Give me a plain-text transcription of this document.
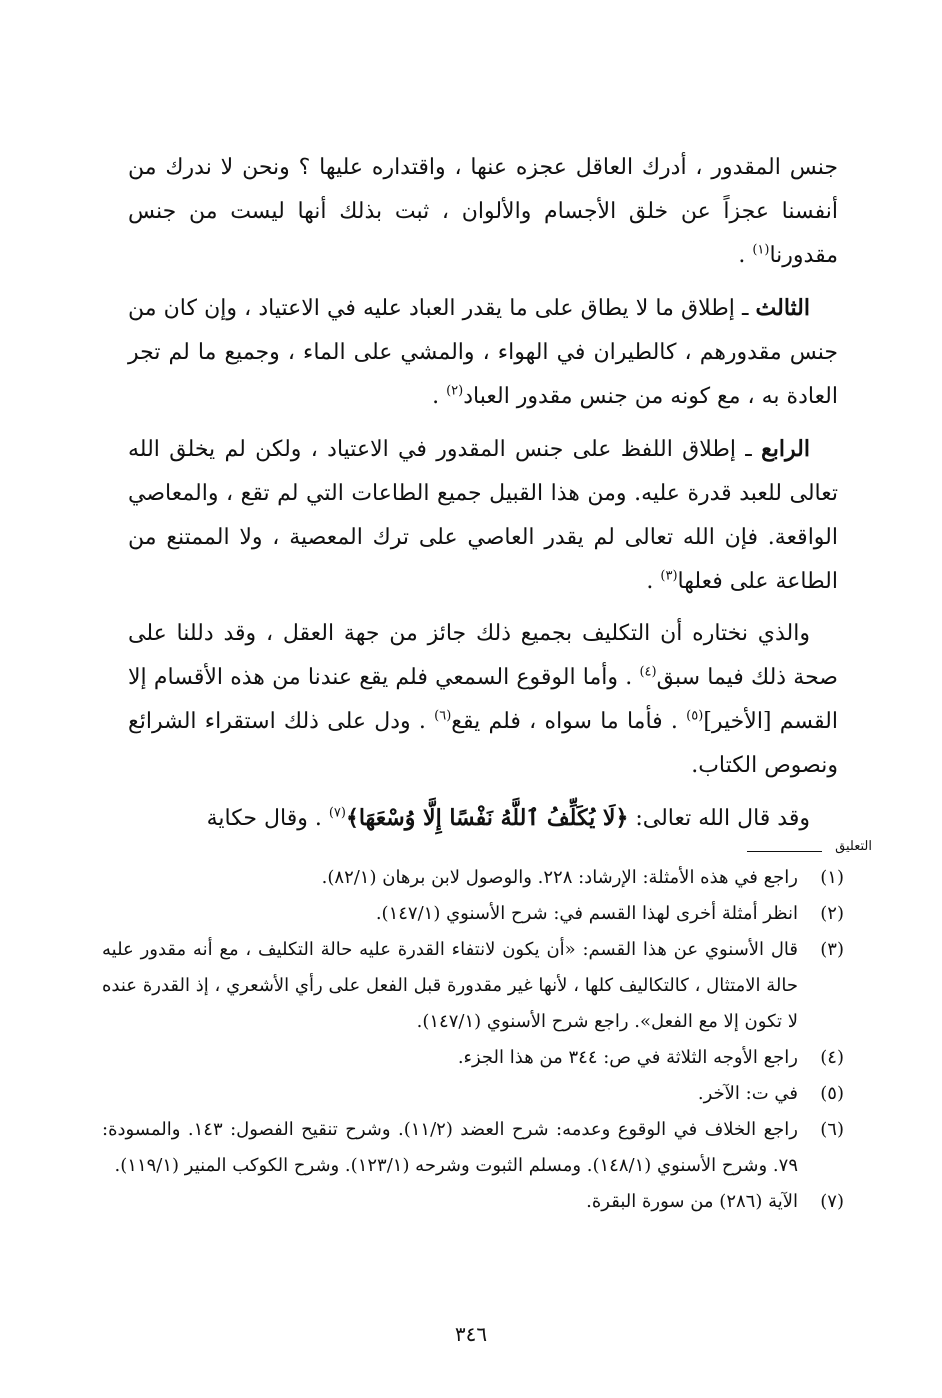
جنس المقدور ، أدرك العاقل عجزه عنها ، واقتداره عليها ؟ ونحن لا ندرك من أنفسنا عجزاً عن خلق الأجسام والألوان ، ثبت بذلك أنها ليست من جنس مقدورنا$^{(١)}$ .

الثالث ـ إطلاق ما لا يطاق على ما يقدر العباد عليه في الاعتياد ، وإن كان من جنس مقدورهم ، كالطيران في الهواء ، والمشي على الماء ، وجميع ما لم تجر العادة به ، مع كونه من جنس مقدور العباد$^{(٢)}$ .

الرابع ـ إطلاق اللفظ على جنس المقدور في الاعتياد ، ولكن لم يخلق الله تعالى للعبد قدرة عليه. ومن هذا القبيل جميع الطاعات التي لم تقع ، والمعاصي الواقعة. فإن الله تعالى لم يقدر العاصي على ترك المعصية ، ولا الممتنع من الطاعة على فعلها$^{(٣)}$ .

والذي نختاره أن التكليف بجميع ذلك جائز من جهة العقل ، وقد دللنا على صحة ذلك فيما سبق$^{(٤)}$ . وأما الوقوع السمعي فلم يقع عندنا من هذه الأقسام إلا القسم [الأخير]$^{(٥)}$ . فأما ما سواه ، فلم يقع$^{(٦)}$ . ودل على ذلك استقراء الشرائع ونصوص الكتاب.

وقد قال الله تعالى: ﴿لَا يُكَلِّفُ ٱللَّهُ نَفْسًا إِلَّا وُسْعَهَا﴾$^{(٧)}$ . وقال حكاية

التعليق
(١)
راجع في هذه الأمثلة: الإرشاد: ٢٢٨. والوصول لابن برهان (٨٢/١).
(٢)
انظر أمثلة أخرى لهذا القسم في: شرح الأسنوي (١٤٧/١).
(٣)
قال الأسنوي عن هذا القسم: «أن يكون لانتفاء القدرة عليه حالة التكليف ، مع أنه مقدور عليه حالة الامتثال ، كالتكاليف كلها ، لأنها غير مقدورة قبل الفعل على رأي الأشعري ، إذ القدرة عنده لا تكون إلا مع الفعل». راجع شرح الأسنوي (١٤٧/١).
(٤)
راجع الأوجه الثلاثة في ص: ٣٤٤ من هذا الجزء.
(٥)
في ت: الآخر.
(٦)
راجع الخلاف في الوقوع وعدمه: شرح العضد (١١/٢). وشرح تنقيح الفصول: ١٤٣. والمسودة: ٧٩. وشرح الأسنوي (١٤٨/١). ومسلم الثبوت وشرحه (١٢٣/١). وشرح الكوكب المنير (١١٩/١).
(٧)
الآية (٢٨٦) من سورة البقرة.
٣٤٦
